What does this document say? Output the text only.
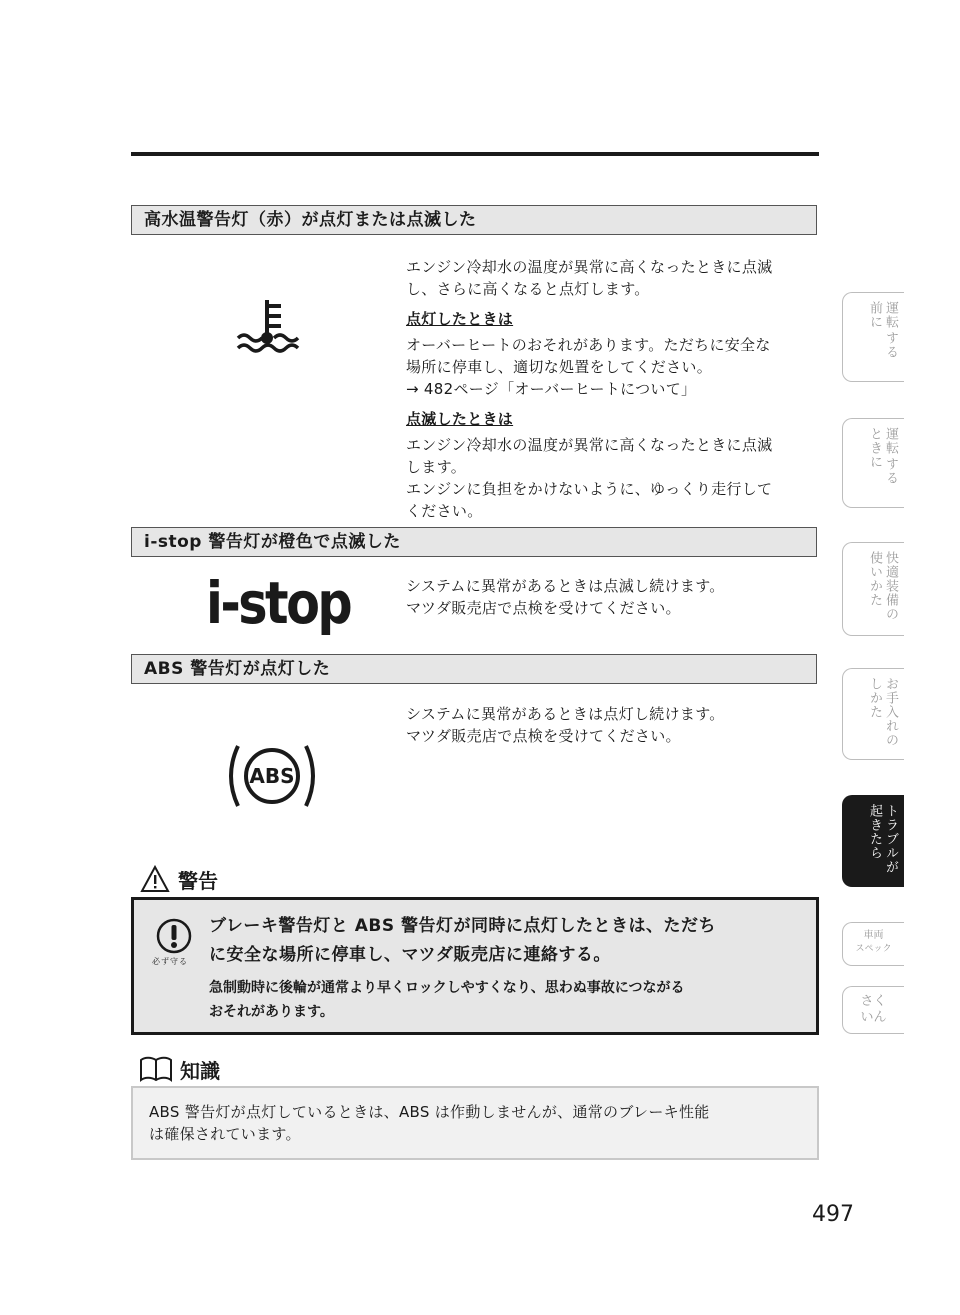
高水温警告灯（赤）が点灯または点滅した

エンジン冷却水の温度が異常に高くなったときに点滅

し、さらに高くなると点灯します。

点灯したときは

オーバーヒートのおそれがあります。ただちに安全な

場所に停車し、適切な処置をしてください。

→ 482ページ「オーバーヒートについて」

点滅したときは

エンジン冷却水の温度が異常に高くなったときに点滅

します。

エンジンに負担をかけないように、ゆっくり走行して

ください。

i-stop 警告灯が橙色で点滅した
i-stop	システムに異常があるときは点滅し続けます。

マツダ販売店で点検を受けてください。

ABS 警告灯が点灯した
ABS

システムに異常があるときは点灯し続けます。

マツダ販売店で点検を受けてください。

警告
必ず守る
ブレーキ警告灯と ABS 警告灯が同時に点灯したときは、ただち
に安全な場所に停車し、マツダ販売店に連絡する。
急制動時に後輪が通常より早くロックしやすくなり、思わぬ事故につながる
おそれがあります。
知識
ABS 警告灯が点灯しているときは、ABS は作動しませんが、通常のブレーキ性能
は確保されています。
497
運転
前に
する
運転
ときに
する
快適装備の
使いかた
お手入れの
しかた
トラブルが
起きたら
車両
スペック
さく
いん
